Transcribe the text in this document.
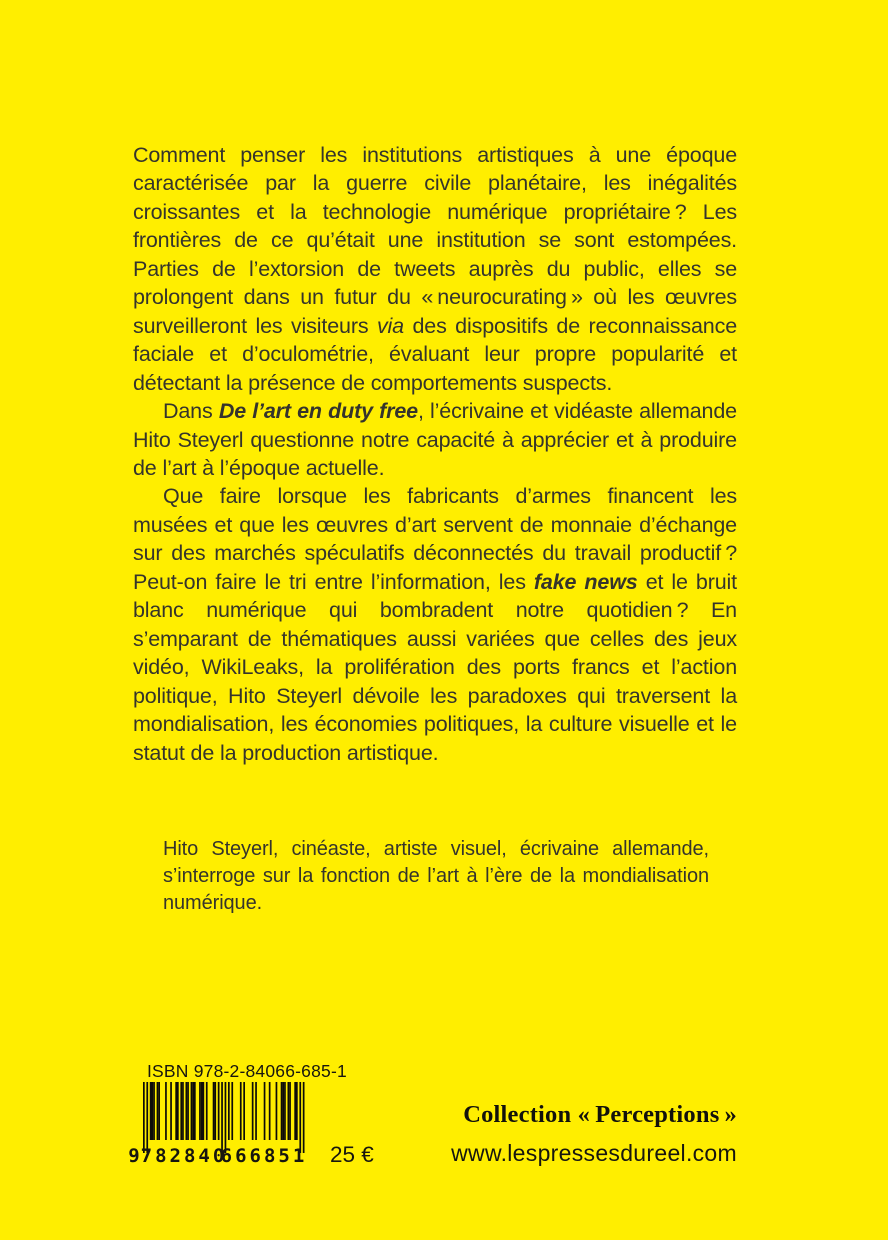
Comment penser les institutions artistiques à une époque caractérisée par la guerre civile planétaire, les inégalités croissantes et la technologie numérique propriétaire ? Les frontières de ce qu’était une institution se sont estompées. Parties de l’extorsion de tweets auprès du public, elles se prolongent dans un futur du « neurocurating » où les œuvres surveilleront les visiteurs via des dispositifs de reconnaissance faciale et d’oculométrie, évaluant leur propre popularité et détectant la présence de comportements suspects.

Dans De l’art en duty free, l’écrivaine et vidéaste allemande Hito Steyerl questionne notre capacité à apprécier et à produire de l’art à l’époque actuelle.

Que faire lorsque les fabricants d’armes financent les musées et que les œuvres d’art servent de monnaie d’échange sur des marchés spéculatifs déconnectés du travail productif ? Peut-on faire le tri entre l’information, les fake news et le bruit blanc numérique qui bombradent notre quotidien ? En s’emparant de thématiques aussi variées que celles des jeux vidéo, WikiLeaks, la prolifération des ports francs et l’action politique, Hito Steyerl dévoile les paradoxes qui traversent la mondialisation, les économies politiques, la culture visuelle et le statut de la production artistique.

Hito Steyerl, cinéaste, artiste visuel, écrivaine allemande, s’interroge sur la fonction de l’art à l’ère de la mondialisation numérique.

ISBN 978-2-84066-685-1
9 782840
666851 25 €
Collection « Perceptions »
www.lespressesdureel.com
